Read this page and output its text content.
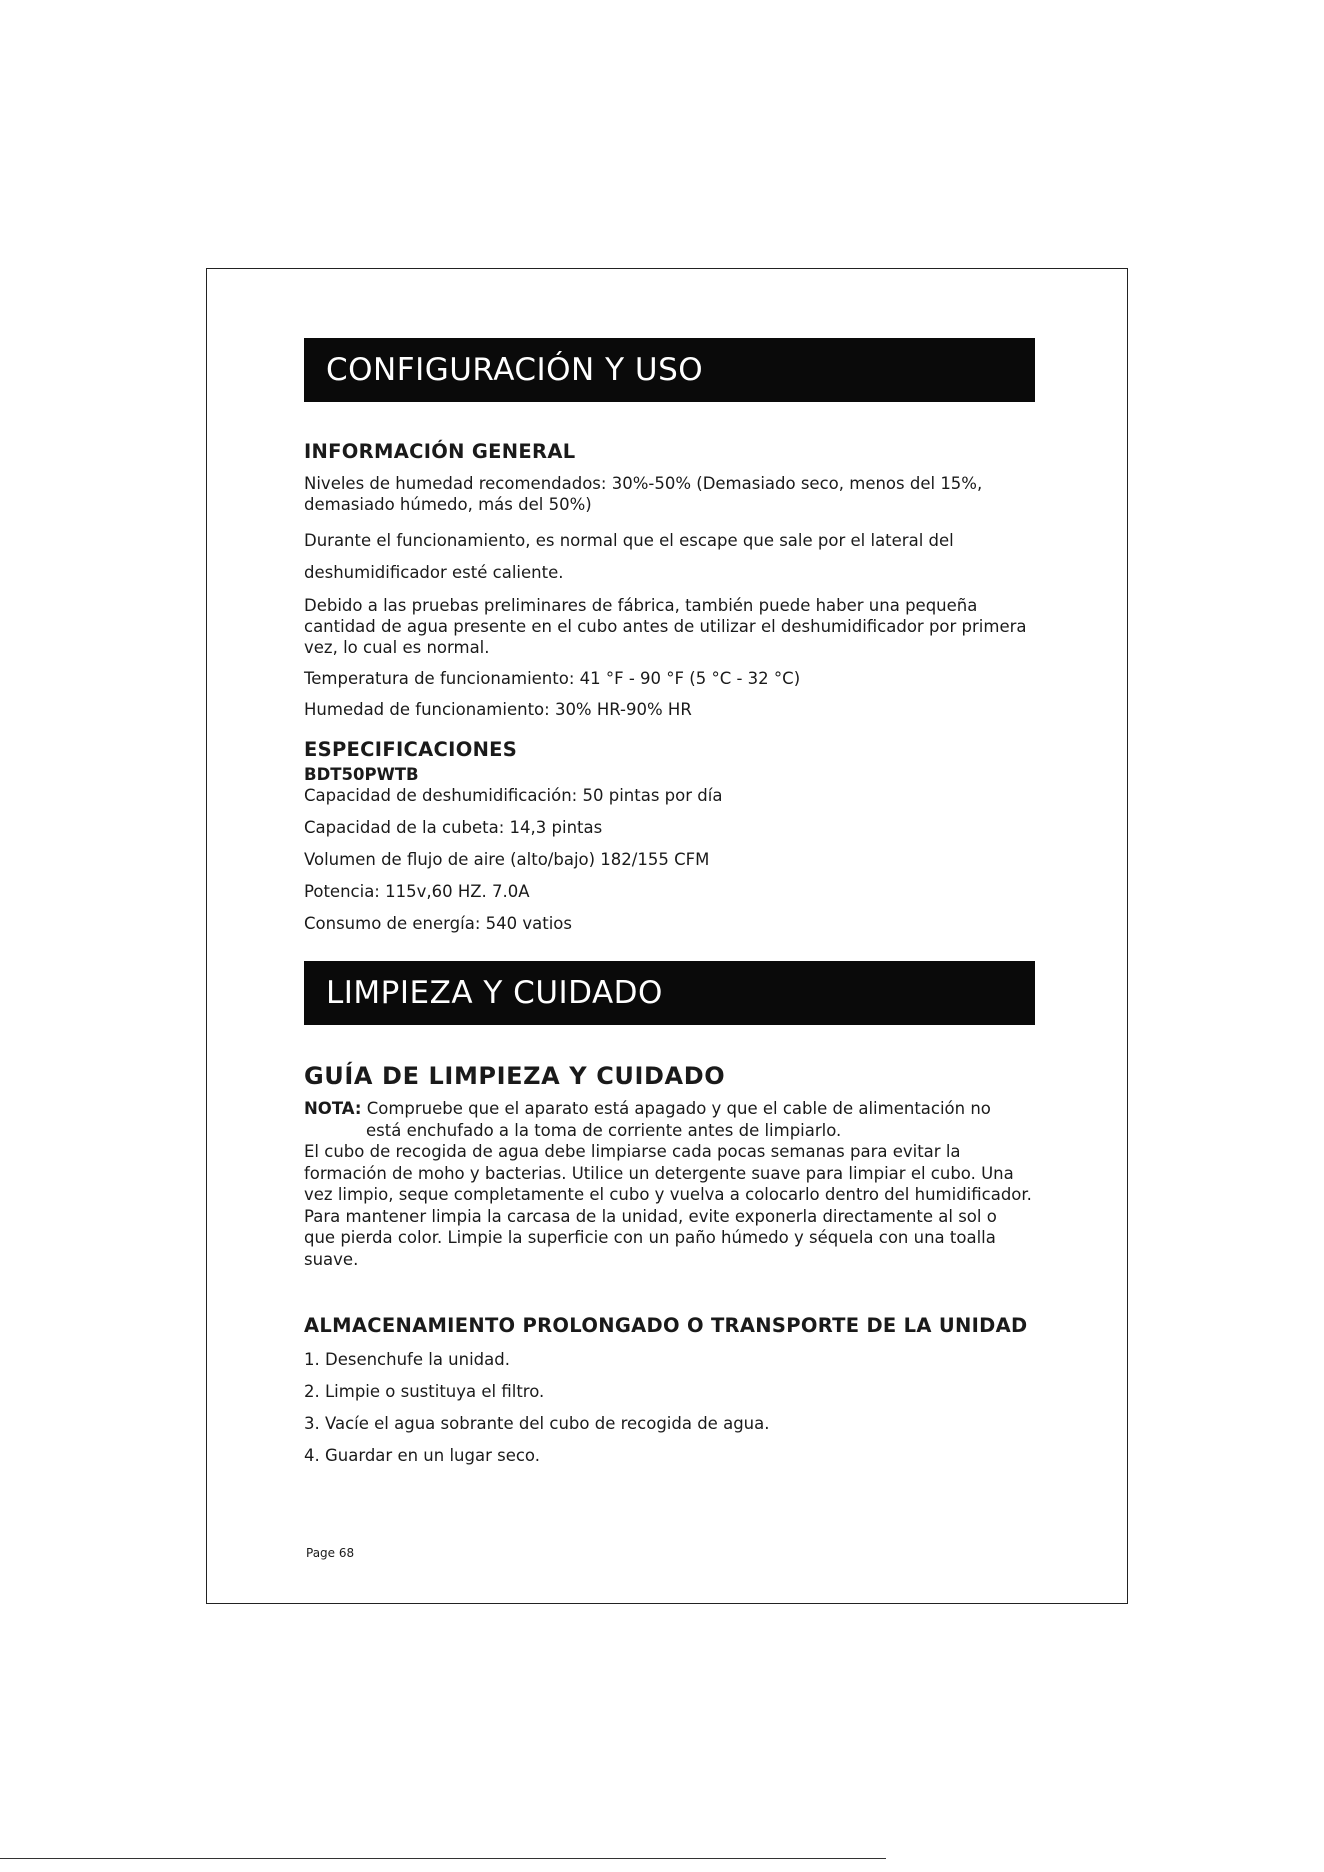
CONFIGURACIÓN Y USO
INFORMACIÓN GENERAL

Niveles de humedad recomendados: 30%-50% (Demasiado seco, menos del 15%, demasiado húmedo, más del 50%)

Durante el funcionamiento, es normal que el escape que sale por el lateral del
deshumidificador esté caliente.

Debido a las pruebas preliminares de fábrica, también puede haber una pequeña cantidad de agua presente en el cubo antes de utilizar el deshumidificador por primera vez, lo cual es normal.

Temperatura de funcionamiento: 41 °F - 90 °F (5 °C - 32 °C)

Humedad de funcionamiento: 30% HR-90% HR

ESPECIFICACIONES
BDT50PWTB

Capacidad de deshumidificación: 50 pintas por día

Capacidad de la cubeta: 14,3 pintas

Volumen de flujo de aire (alto/bajo) 182/155 CFM

Potencia: 115v,60 HZ. 7.0A

Consumo de energía: 540 vatios

LIMPIEZA Y CUIDADO
GUÍA DE LIMPIEZA Y CUIDADO

NOTA: Compruebe que el aparato está apagado y que el cable de alimentación no

está enchufado a la toma de corriente antes de limpiarlo.

El cubo de recogida de agua debe limpiarse cada pocas semanas para evitar la formación de moho y bacterias. Utilice un detergente suave para limpiar el cubo. Una vez limpio, seque completamente el cubo y vuelva a colocarlo dentro del humidificador.

Para mantener limpia la carcasa de la unidad, evite exponerla directamente al sol o que pierda color. Limpie la superficie con un paño húmedo y séquela con una toalla suave.

ALMACENAMIENTO PROLONGADO O TRANSPORTE DE LA UNIDAD

1. Desenchufe la unidad.

2. Limpie o sustituya el filtro.

3. Vacíe el agua sobrante del cubo de recogida de agua.

4. Guardar en un lugar seco.

Page 68
